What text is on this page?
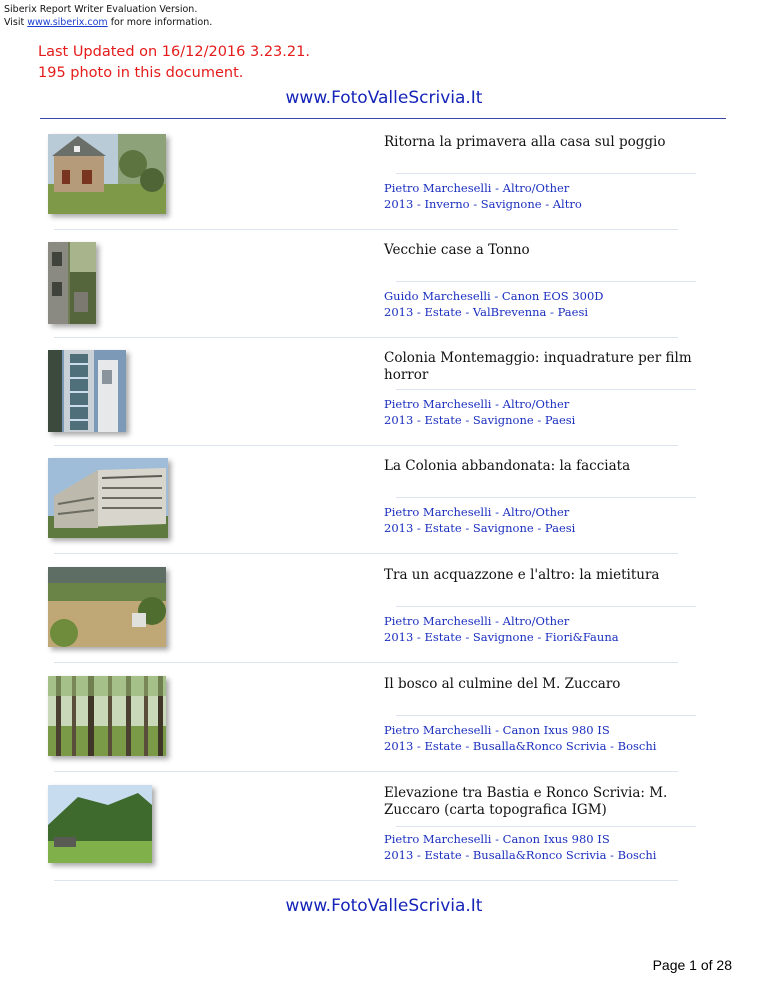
Siberix Report Writer Evaluation Version.
Visit www.siberix.com for more information.
Last Updated on 16/12/2016 3.23.21.
195 photo in this document.
www.FotoValleScrivia.It
Ritorna la primavera alla casa sul poggio
Pietro Marcheselli - Altro/Other
2013 - Inverno - Savignone - Altro
Vecchie case a Tonno
Guido Marcheselli - Canon EOS 300D
2013 - Estate - ValBrevenna - Paesi
Colonia Montemaggio: inquadrature per film horror
Pietro Marcheselli - Altro/Other
2013 - Estate - Savignone - Paesi
La Colonia abbandonata: la facciata
Pietro Marcheselli - Altro/Other
2013 - Estate - Savignone - Paesi
Tra un acquazzone e l'altro: la mietitura
Pietro Marcheselli - Altro/Other
2013 - Estate - Savignone - Fiori&Fauna
Il bosco al culmine del M. Zuccaro
Pietro Marcheselli - Canon Ixus 980 IS
2013 - Estate - Busalla&Ronco Scrivia - Boschi
Elevazione tra Bastia e Ronco Scrivia: M. Zuccaro (carta topografica IGM)
Pietro Marcheselli - Canon Ixus 980 IS
2013 - Estate - Busalla&Ronco Scrivia - Boschi
www.FotoValleScrivia.It
Page 1 of 28
